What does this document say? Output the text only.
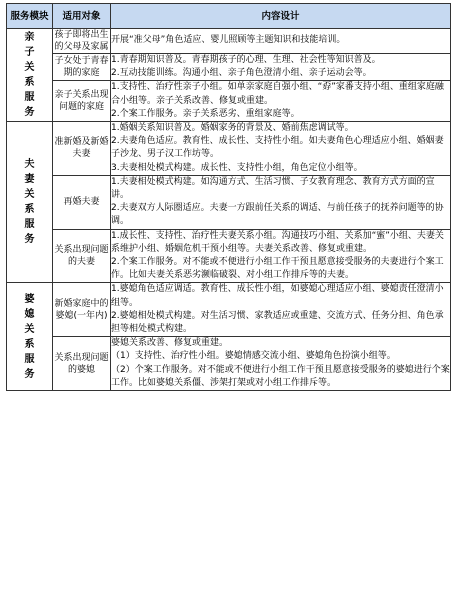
服务模块	适用对象	内容设计
亲子关系服务	孩子即将出生的父母及家属	开展“准父母”角色适应、婴儿照顾等主题知识和技能培训。

	子女处于青春期的家庭	1.青春期知识普及。青春期孩子的心理、生理、社会性等知识普及。
2.互动技能训练。沟通小组、亲子角色澄清小组、亲子运动会等。

	亲子关系出现问题的家庭	1.支持性、治疗性亲子小组。如单亲家庭自强小组、“孬”家番支持小组、重组家庭融合小组等。亲子关系改善、修复或重建。
2.个案工作服务。亲子关系恶劣、重组家庭等。

夫妻关系服务	准新婚及新婚夫妻	1.婚姻关系知识普及。婚姻家务的背景及、婚前焦虑调试等。
2.夫妻角色适应。教育性、成长性、支持性小组。如夫妻角色心理适应小组、婚姻妻子沙龙、男子汉工作坊等。
3.夫妻相处模式构建。成长性、支持性小组，角色定位小组等。

	再婚夫妻	1.夫妻相处模式构建。如沟通方式、生活习惯、子女教育理念、教育方式方面的宣讲。
2.夫妻双方人际圈适应。夫妻一方跟前任关系的调适、与前任孩子的抚养问题等的协调。

	关系出现问题的夫妻	1.成长性、支持性、治疗性夫妻关系小组。沟通技巧小组、关系加“蜜”小组、夫妻关系维护小组、婚姻危机干预小组等。夫妻关系改善、修复或重建。
2.个案工作服务。对不能或不便进行小组工作干预且愿意接受服务的夫妻进行个案工作。比如夫妻关系恶劣濒临破裂、对小组工作排斥等的夫妻。

婆媳关系服务	新婚家庭中的婆媳(一年内)	1.婆媳角色适应调适。教育性、成长性小组，如婆媳心理适应小组、婆媳责任澄清小组等。
2.婆媳相处模式构建。对生活习惯、家教适应或重建、交流方式、任务分担、角色承担等相处模式构建。

	关系出现问题的婆媳	婆媳关系改善、修复或重建。
（1）支持性、治疗性小组。婆媳情感交流小组、婆媳角色扮演小组等。
（2）个案工作服务。对不能或不便进行小组工作干预且愿意接受服务的婆媳进行个案工作。比如婆媳关系僵、涉架打架或对小组工作排斥等。
